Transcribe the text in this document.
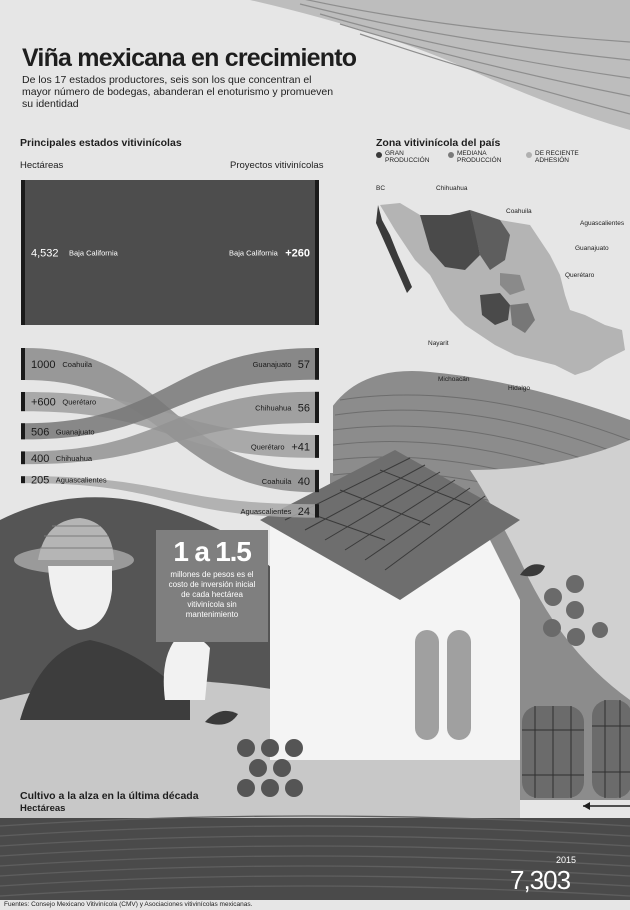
Viña mexicana en crecimiento
De los 17 estados productores, seis son los que concentran el mayor número de bodegas, abanderan el enoturismo y promueven su identidad
Principales estados vitivinícolas
Hectáreas	Proyectos vitivinícolas
4,532 Baja California
1000 Coahuila
+600 Querétaro
506 Guanajuato
400 Chihuahua
205 Aguascalientes
+260
Baja California
57
Guanajuato
56
Chihuahua
+41
Querétaro
40
Coahuila
24
Aguascalientes
Zona vitivinícola del país
GRAN PRODUCCIÓN
MEDIANA PRODUCCIÓN
DE RECIENTE ADHESIÓN
BC	Chihuahua
Coahuila
Aguascalientes
Guanajuato
Querétaro
Nayarit
Michoacán
Hidalgo
1 a 1.5
millones de pesos es el costo de inversión inicial de cada hectárea vitivinícola sin mantenimiento
Cultivo a la alza en la última década
Hectáreas
2015
7,303
Fuentes: Consejo Mexicano Vitivinícola (CMV) y Asociaciones vitivinícolas mexicanas.
